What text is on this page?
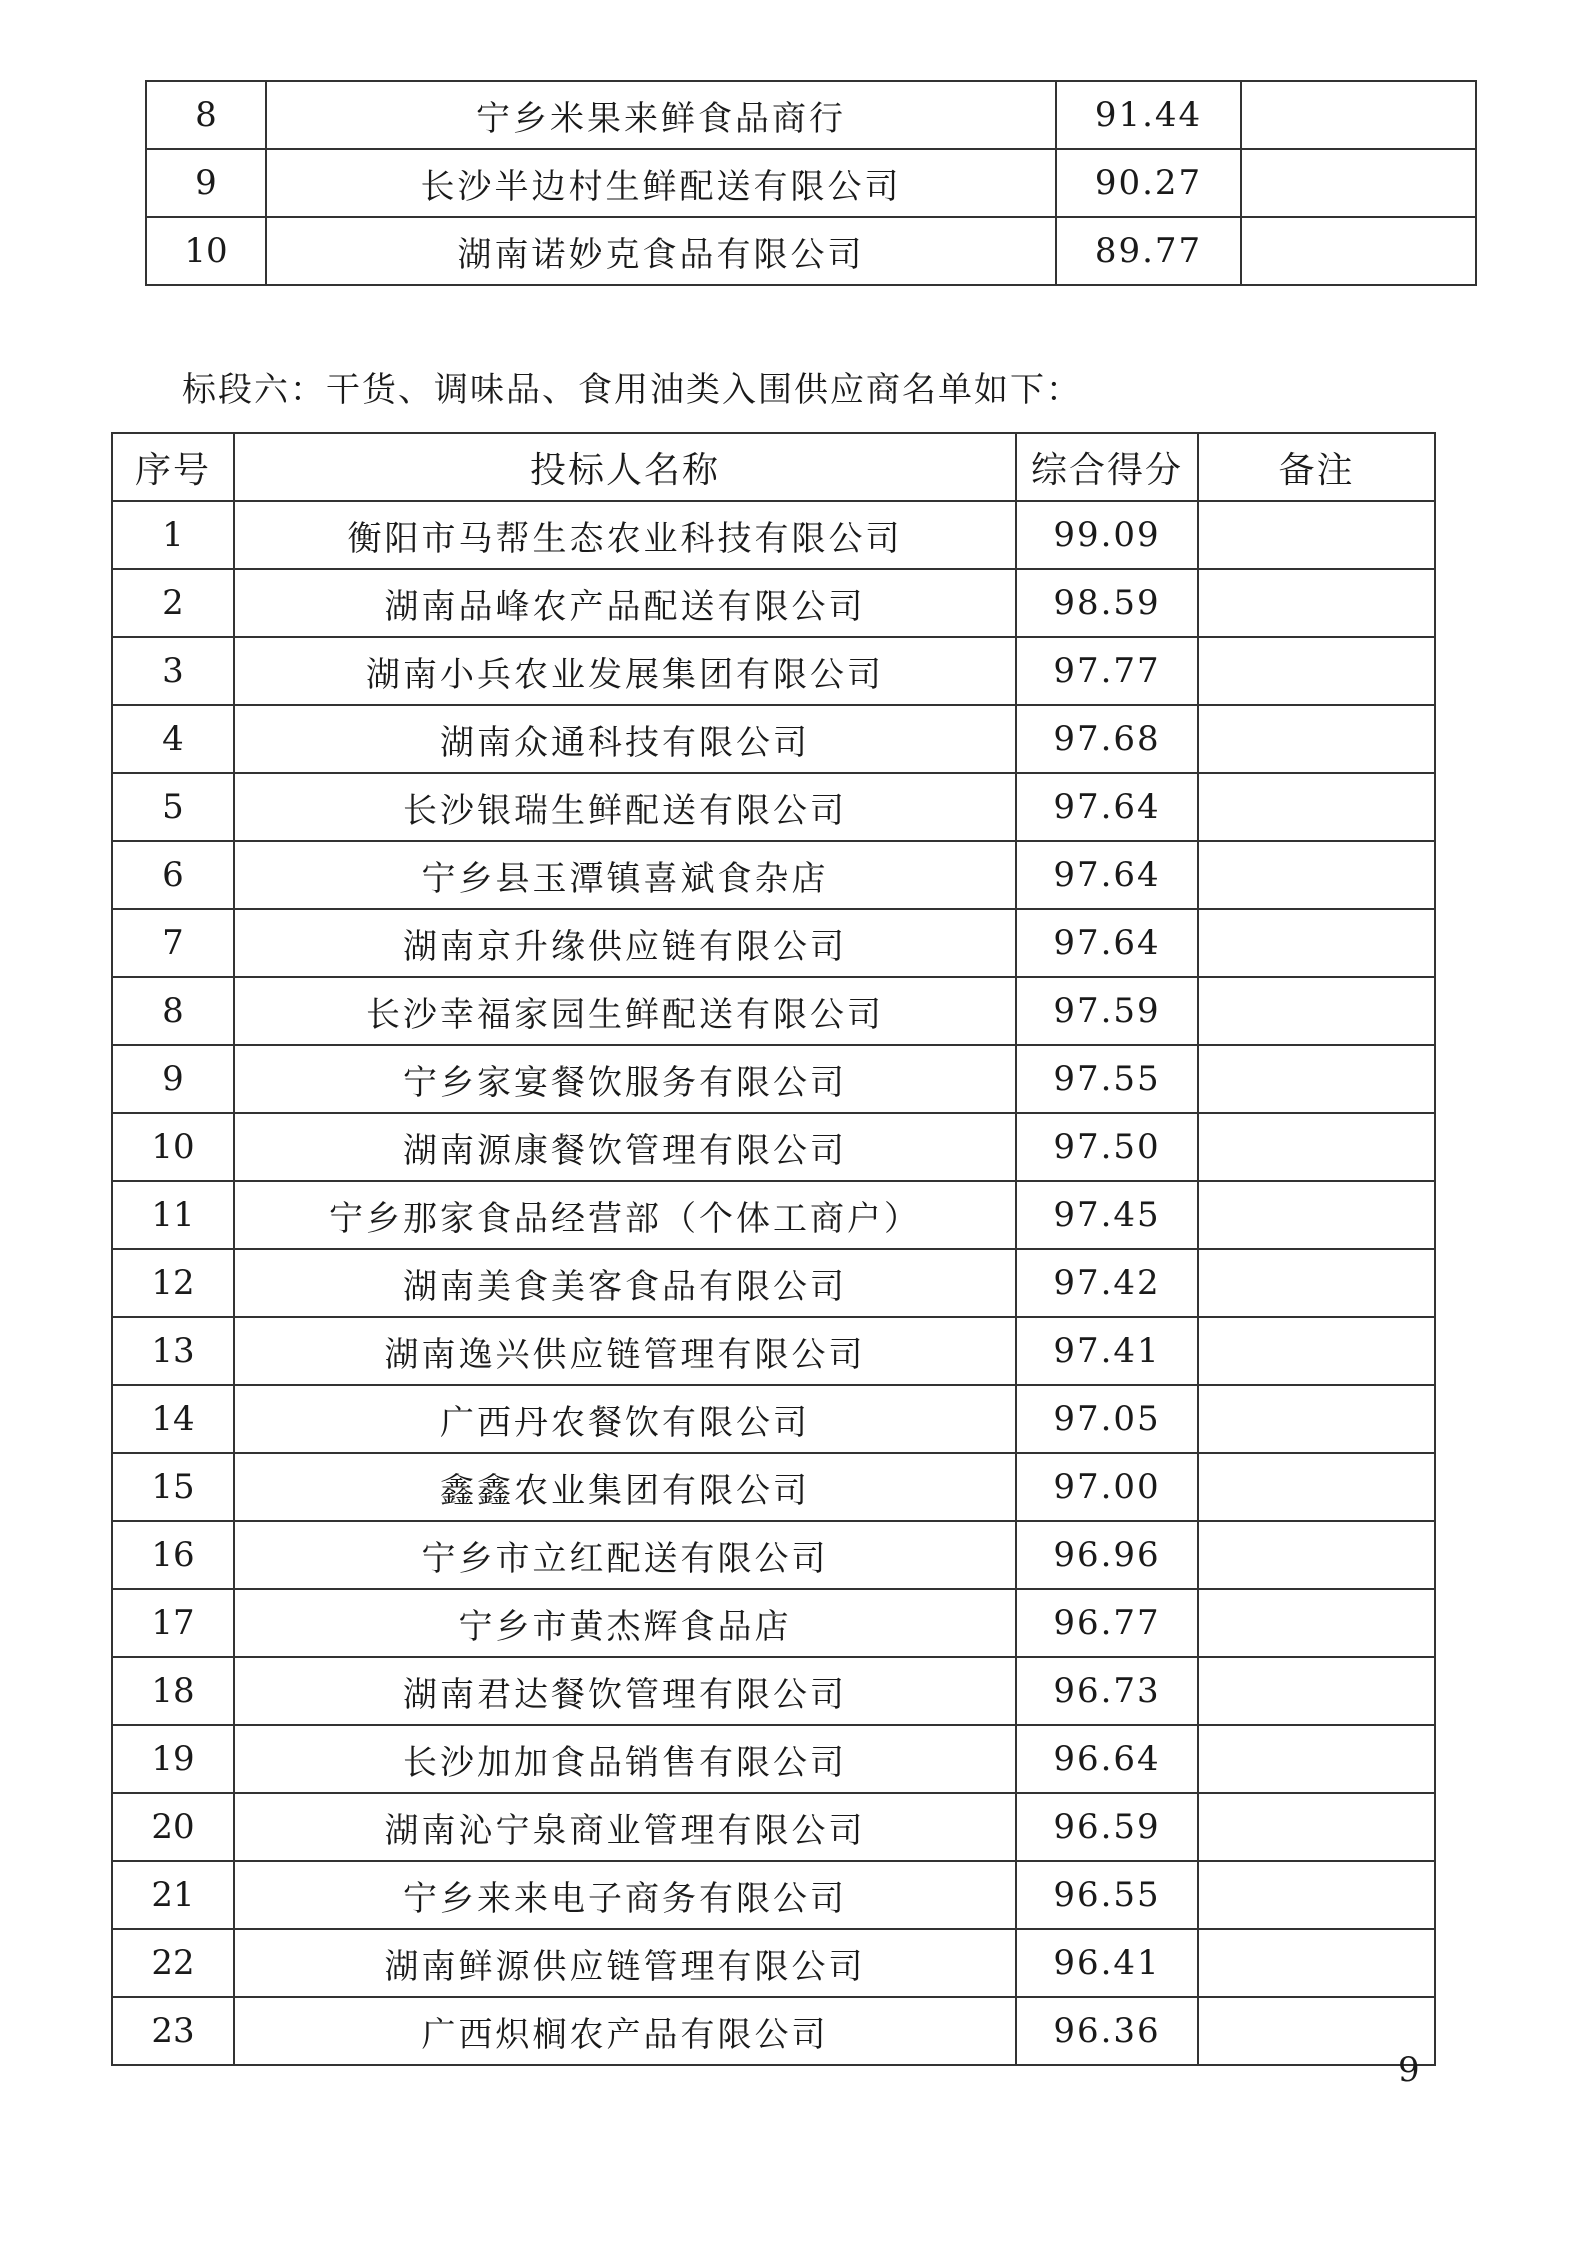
8	宁乡米果来鲜食品商行	91.44	
9	长沙半边村生鲜配送有限公司	90.27	
10	湖南诺妙克食品有限公司	89.77	

标段六：干货、调味品、食用油类入围供应商名单如下：

序号	投标人名称	综合得分	备注
1	衡阳市马帮生态农业科技有限公司	99.09	
2	湖南品峰农产品配送有限公司	98.59	
3	湖南小兵农业发展集团有限公司	97.77	
4	湖南众通科技有限公司	97.68	
5	长沙银瑞生鲜配送有限公司	97.64	
6	宁乡县玉潭镇喜斌食杂店	97.64	
7	湖南京升缘供应链有限公司	97.64	
8	长沙幸福家园生鲜配送有限公司	97.59	
9	宁乡家宴餐饮服务有限公司	97.55	
10	湖南源康餐饮管理有限公司	97.50	
11	宁乡那家食品经营部（个体工商户）	97.45	
12	湖南美食美客食品有限公司	97.42	
13	湖南逸兴供应链管理有限公司	97.41	
14	广西丹农餐饮有限公司	97.05	
15	鑫鑫农业集团有限公司	97.00	
16	宁乡市立红配送有限公司	96.96	
17	宁乡市黄杰辉食品店	96.77	
18	湖南君达餐饮管理有限公司	96.73	
19	长沙加加食品销售有限公司	96.64	
20	湖南沁宁泉商业管理有限公司	96.59	
21	宁乡来来电子商务有限公司	96.55	
22	湖南鲜源供应链管理有限公司	96.41	
23	广西炽榈农产品有限公司	96.36	
9
